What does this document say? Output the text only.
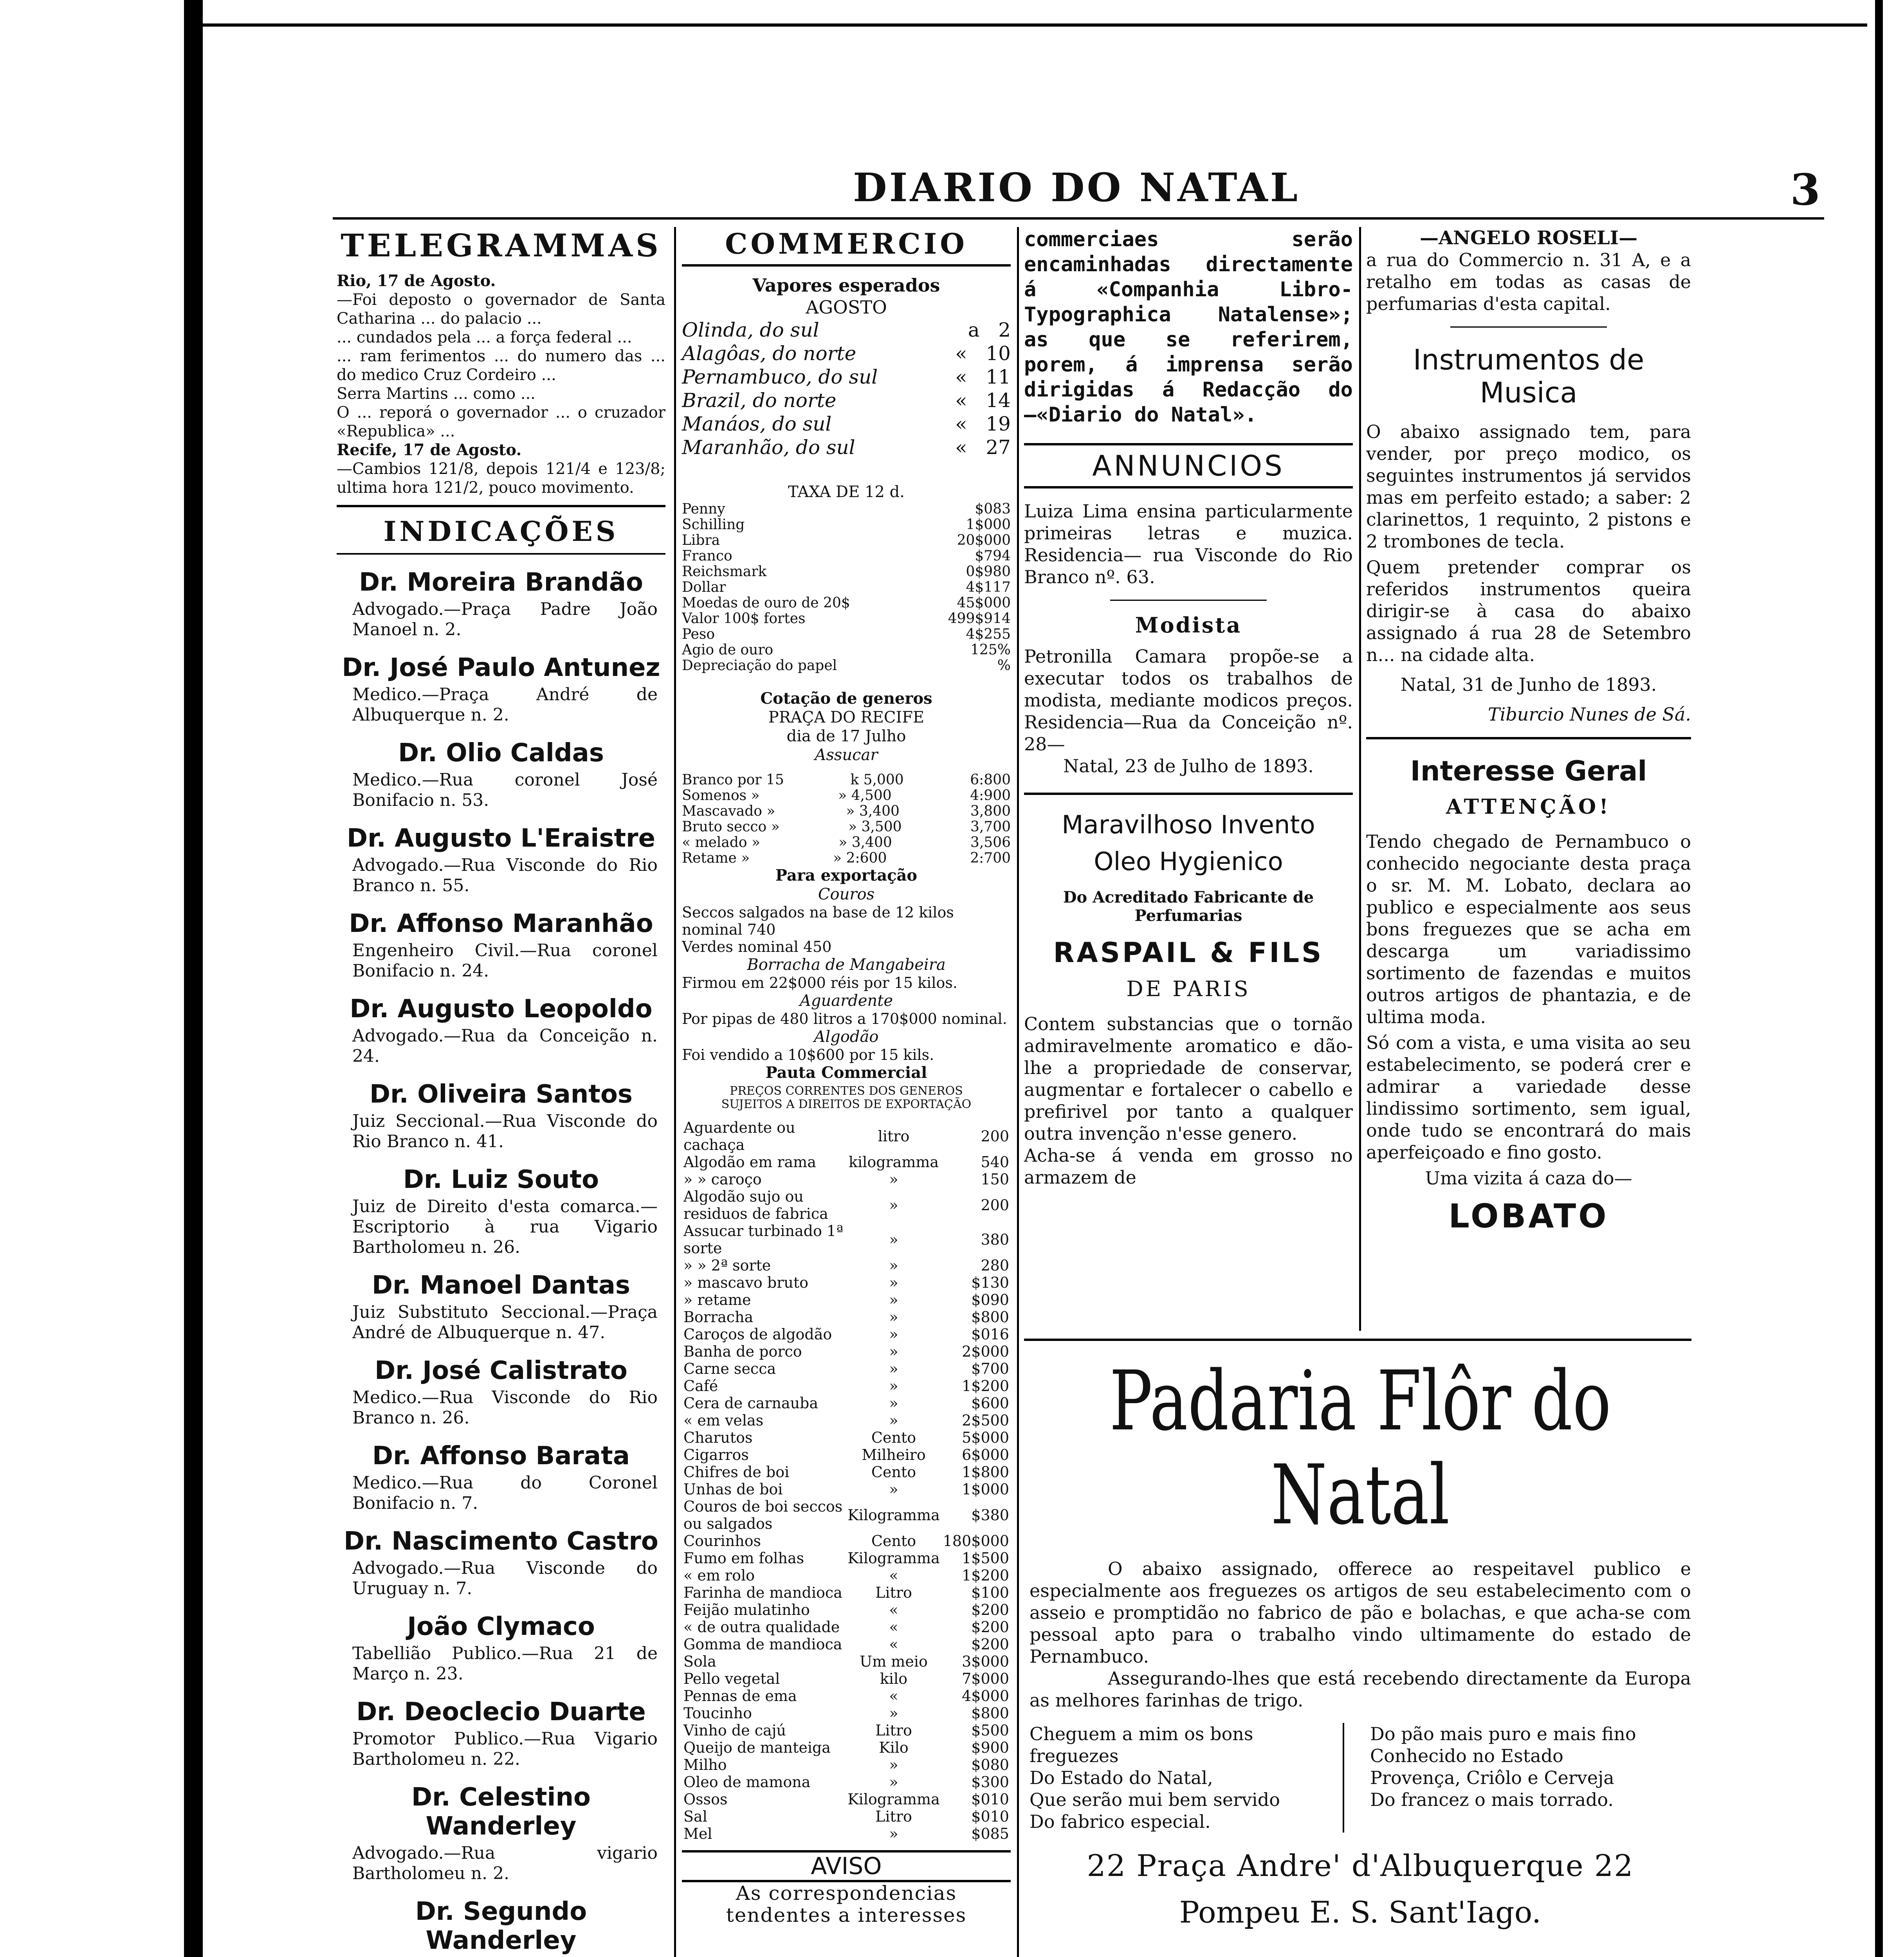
DIARIO DO NATAL	3
TELEGRAMMAS
Rio, 17 de Agosto.
—Foi deposto o governador de Santa Catharina ... do palacio ...
... cundados pela ... a força federal ...
... ram ferimentos ... do numero das ... do medico Cruz Cordeiro ...
Serra Martins ... como ...
O ... reporá o governador ... o cruzador «Republica» ...
Recife, 17 de Agosto.
—Cambios 121/8, depois 121/4 e 123/8; ultima hora 121/2, pouco movimento.
INDICAÇÕES
Dr. Moreira Brandão
Advogado.—Praça Padre João Manoel n. 2.
Dr. José Paulo Antunez
Medico.—Praça André de Albuquerque n. 2.
Dr. Olio Caldas
Medico.—Rua coronel José Bonifacio n. 53.
Dr. Augusto L'Eraistre
Advogado.—Rua Visconde do Rio Branco n. 55.
Dr. Affonso Maranhão
Engenheiro Civil.—Rua coronel Bonifacio n. 24.
Dr. Augusto Leopoldo
Advogado.—Rua da Conceição n. 24.
Dr. Oliveira Santos
Juiz Seccional.—Rua Visconde do Rio Branco n. 41.
Dr. Luiz Souto
Juiz de Direito d'esta comarca.—Escriptorio à rua Vigario Bartholomeu n. 26.
Dr. Manoel Dantas
Juiz Substituto Seccional.—Praça André de Albuquerque n. 47.
Dr. José Calistrato
Medico.—Rua Visconde do Rio Branco n. 26.
Dr. Affonso Barata
Medico.—Rua do Coronel Bonifacio n. 7.
Dr. Nascimento Castro
Advogado.—Rua Visconde do Uruguay n. 7.
João Clymaco
Tabellião Publico.—Rua 21 de Março n. 23.
Dr. Deoclecio Duarte
Promotor Publico.—Rua Vigario Bartholomeu n. 22.
Dr. Celestino Wanderley
Advogado.—Rua vigario Bartholomeu n. 2.
Dr. Segundo Wanderley
COMMERCIO
Vapores esperados
AGOSTO
Olinda, do sul	a 2
Alagôas, do norte	« 10
Pernambuco, do sul	« 11
Brazil, do norte	« 14
Manáos, do sul	« 19
Maranhão, do sul	« 27
TAXA DE 12 d.
Penny	$083
Schilling	1$000
Libra	20$000
Franco	$794
Reichsmark	0$980
Dollar	4$117
Moedas de ouro de 20$	45$000
Valor 100$ fortes	499$914
Peso	4$255
Agio de ouro	125%
Depreciação do papel	%
Cotação de generos
PRAÇA DO RECIFE
dia de 17 Julho
Assucar
Branco por 15	k 5,000	6:800
Somenos »	» 4,500	4:900
Mascavado »	» 3,400	3,800
Bruto secco »	» 3,500	3,700
« melado »	» 3,400	3,506
Retame »	» 2:600	2:700
Para exportação
Couros
Seccos salgados na base de 12 kilos nominal 740
Verdes nominal 450
Borracha de Mangabeira
Firmou em 22$000 réis por 15 kilos.
Aguardente
Por pipas de 480 litros a 170$000 nominal.
Algodão
Foi vendido a 10$600 por 15 kils.
Pauta Commercial
PREÇOS CORRENTES DOS GENEROS SUJEITOS A DIREITOS DE EXPORTAÇÃO
Aguardente ou cachaça	litro	200
Algodão em rama	kilogramma	540
» » caroço	»	150
Algodão sujo ou residuos de fabrica	»	200
Assucar turbinado 1ª sorte	»	380
» » 2ª sorte	»	280
» mascavo bruto	»	$130
» retame	»	$090
Borracha	»	$800
Caroços de algodão	»	$016
Banha de porco	»	2$000
Carne secca	»	$700
Café	»	1$200
Cera de carnauba	»	$600
« em velas	»	2$500
Charutos	Cento	5$000
Cigarros	Milheiro	6$000
Chifres de boi	Cento	1$800
Unhas de boi	»	1$000
Couros de boi seccos ou salgados	Kilogramma	$380
Courinhos	Cento	180$000
Fumo em folhas	Kilogramma	1$500
« em rolo	«	1$200
Farinha de mandioca	Litro	$100
Feijão mulatinho	«	$200
« de outra qualidade	«	$200
Gomma de mandioca	«	$200
Sola	Um meio	3$000
Pello vegetal	kilo	7$000
Pennas de ema	«	4$000
Toucinho	»	$800
Vinho de cajú	Litro	$500
Queijo de manteiga	Kilo	$900
Milho	»	$080
Oleo de mamona	»	$300
Ossos	Kilogramma	$010
Sal	Litro	$010
Mel	»	$085
AVISO
As correspondencias tendentes a interesses
commerciaes serão encaminhadas directamente á «Companhia Libro-Typographica Natalense»; as que se referirem, porem, á imprensa serão dirigidas á Redacção do—«Diario do Natal».
ANNUNCIOS
Luiza Lima ensina particularmente primeiras letras e muzica. Residencia— rua Visconde do Rio Branco nº. 63.
Modista
Petronilla Camara propõe-se a executar todos os trabalhos de modista, mediante modicos preços. Residencia—Rua da Conceição nº. 28—
Natal, 23 de Julho de 1893.
Maravilhoso Invento
Oleo Hygienico
Do Acreditado Fabricante de Perfumarias
RASPAIL & FILS
DE PARIS
Contem substancias que o tornão admiravelmente aromatico e dão-lhe a propriedade de conservar, augmentar e fortalecer o cabello e prefirivel por tanto a qualquer outra invenção n'esse genero.
Acha-se á venda em grosso no armazem de
—ANGELO ROSELI—
a rua do Commercio n. 31 A, e a retalho em todas as casas de perfumarias d'esta capital.
Instrumentos de Musica
O abaixo assignado tem, para vender, por preço modico, os seguintes instrumentos já servidos mas em perfeito estado; a saber: 2 clarinettos, 1 requinto, 2 pistons e 2 trombones de tecla.
Quem pretender comprar os referidos instrumentos queira dirigir-se à casa do abaixo assignado á rua 28 de Setembro n... na cidade alta.
Natal, 31 de Junho de 1893.
Tiburcio Nunes de Sá.
Interesse Geral
ATTENÇÃO!
Tendo chegado de Pernambuco o conhecido negociante desta praça o sr. M. M. Lobato, declara ao publico e especialmente aos seus bons freguezes que se acha em descarga um variadissimo sortimento de fazendas e muitos outros artigos de phantazia, e de ultima moda.
Só com a vista, e uma visita ao seu estabelecimento, se poderá crer e admirar a variedade desse lindissimo sortimento, sem igual, onde tudo se encontrará do mais aperfeiçoado e fino gosto.
Uma vizita á caza do—
LOBATO
Padaria Flôr do Natal
O abaixo assignado, offerece ao respeitavel publico e especialmente aos freguezes os artigos de seu estabelecimento com o asseio e promptidão no fabrico de pão e bolachas, e que acha-se com pessoal apto para o trabalho vindo ultimamente do estado de Pernambuco.
Assegurando-lhes que está recebendo directamente da Europa as melhores farinhas de trigo.
Cheguem a mim os bons freguezes
Do Estado do Natal,
Que serão mui bem servido
Do fabrico especial.
Do pão mais puro e mais fino
Conhecido no Estado
Provença, Criôlo e Cerveja
Do francez o mais torrado.
22 Praça Andre' d'Albuquerque 22
Pompeu E. S. Sant'Iago.
